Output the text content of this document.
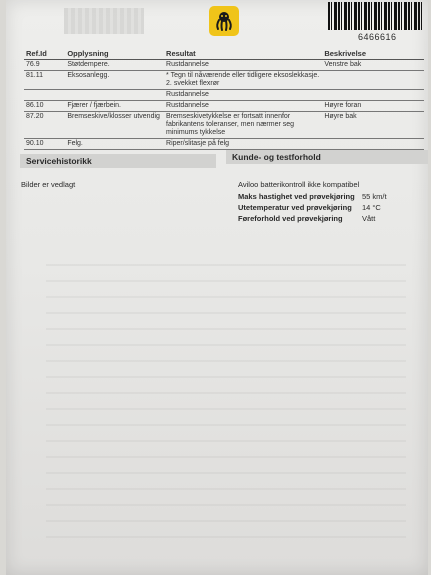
6466616
Ref.Id	Opplysning	Resultat	Beskrivelse
76.9	Støtdempere.	Rustdannelse	Venstre bak
81.11	Eksosanlegg.	* Tegn til nåværende eller tidligere eksoslekkasje. 2. svekket flexrør	
		Rustdannelse	
86.10	Fjærer / fjærbein.	Rustdannelse	Høyre foran
87.20	Bremseskive/klosser utvendig	Bremseskivetykkelse er fortsatt innenfor fabrikantens toleranser, men nærmer seg minimums tykkelse	Høyre bak
90.10	Felg.	Riper/slitasje på felg	
Servicehistorikk
Bilder er vedlagt
Kunde- og testforhold
Aviloo batterikontroll ikke kompatibel
Maks hastighet ved prøvekjøring 55 km/t
Utetemperatur ved prøvekjøring 14 °C
Føreforhold ved prøvekjøring	Vått
